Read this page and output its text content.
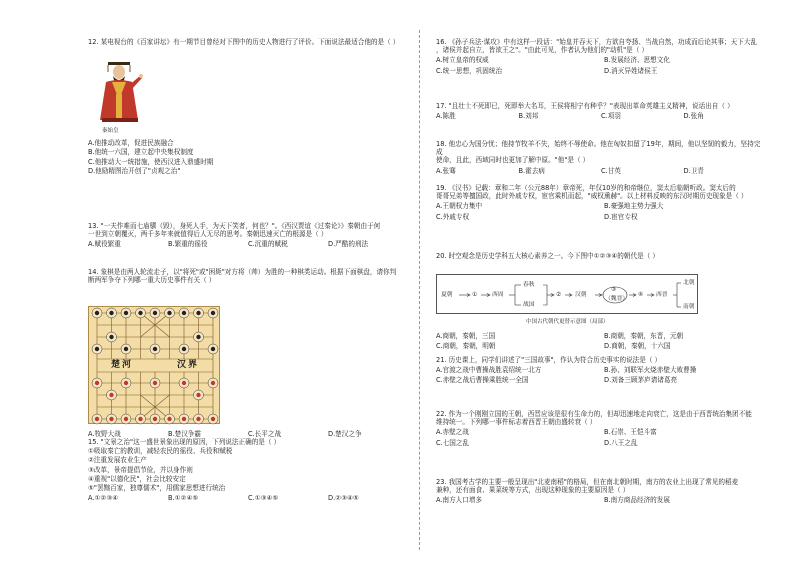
12. 某电视台的《百家讲坛》有一期节目曾经对下图中的历史人物进行了评价。下面说法最适合他的是（ ）
秦始皇
A.他推动改革，促进民族融合
B.他统一六国，建立起中央集权制度
C.他推动大一统措施，使西汉进入鼎盛时期
D.他励精图治开创了"贞观之治"
13. "一夫作难而七庙隳（毁），身死人手，为天下笑者，何也？"。《西汉贾谊《过秦论》》秦朝由于何
一世到立朝覆灭，两千多年来就值得后人无尽的思考。秦朝迅速灭亡的根源是（ ）
A.赋役繁重	B.繁重的徭役	C.沉重的赋税	D.严酷的刑法
14. 象棋是由两人轮流走子，以"将死"或"困毙"对方将（帅）为胜的一种棋类运动。根据下面棋盘，请你判
断两军争夺下列哪一重大历史事件有关（ ）
楚河	汉界
A.牧野大战	B.楚汉争霸	C.长平之战	D.楚汉之争
15. "文景之治"这一盛世景象出现的原因，下列说法正确的是（ ）
①吸取秦亡的教训，减轻农民的徭役、兵役和赋税
②注重发展农业生产
③改革，景帝提倡节俭，并以身作则
④重视"以德化民"，社会比较安定
⑤"罢黜百家，独尊儒术"，用儒家思想进行统治
A.①②③④	B.①②④⑤	C.①③④⑤	D.②③④⑤
16. 《孙子兵法·谋攻》中有这样一段话："始皇并吞天下，方欲自夸扬、当战自然，功成而后论其事；天下大乱
，诸侯并起自立，皆欲王之"。"由此可见，作者认为他们的"动机"是（ ）
A.树立皇帝的权威	B.发展经济、思想文化
C.统一思想，巩固统治	D.消灭异姓诸侯王
17. "且壮士不死即已，死即举大名耳，王侯将相宁有种乎？"表现出革命英雄主义精神，说话出自（ ）
A.陈胜	B.刘邦	C.项羽	D.张角
18. 他忠心为国分忧；他持节牧羊不失，始终不辱使命。他在匈奴扣留了19年，期间，他以坚韧的毅力，坚持完成
使命，且此，西域同时也更加了解中原。"他"是（ ）
A.张骞	B.霍去病	C.甘英	D.卫青
19. 《汉书》记载：章和二年（公元88年）章帝死，年仅10岁的和帝继位，窦太后临朝听政。窦太后的
哥哥兄弟等擅国政，此时外戚专权，宦官乘机而起，"威权熏赫"。以上材料反映的东汉时期历史现象是（ ）
A.王朝权力集中	B.豪强地主势力强大
C.外戚专权	D.宦官专权
20. 时空观念是历史学科五大核心素养之一。今下图中①②③④的朝代是（ ）
夏朝	①	西周
春秋
战国
② 汉朝
③
（魏晋）
④ 西晋
北朝
南朝
中国古代朝代更替示意图（局部）
A.商朝，秦朝，三国	B.商朝，秦朝，东晋，元朝
C.商朝，秦朝，明朝	D.商朝，秦朝，十六国
21. 历史课上，同学们讲述了"三国故事"，作认为符合历史事实的说法是（ ）
A.官渡之战中曹操战胜袁绍统一北方	B.孙、刘联军火烧赤壁大败曹操
C.赤壁之战后曹操乘胜统一全国	D.刘备三顾茅庐请诸葛亮
22. 作为一个刚刚立国的王朝，西晋应该是很有生命力的，但却迅速地走向衰亡，这是由于西晋统治集团不能
维持统一。下列哪一事件标志着西晋王朝由盛转衰（ ）
A.赤壁之战	B.石崇、王恺斗富
C.七国之乱	D.八王之乱
23. 我国考古学的主要一般呈现出"北麦南稻"的格局，但在南北朝时期，南方的农业上出现了常见的稻麦
兼种，还有面食、果菜统等方式，出现这种现象的主要原因是（ ）
A.南方人口增多	B.南方商品经济的发展
